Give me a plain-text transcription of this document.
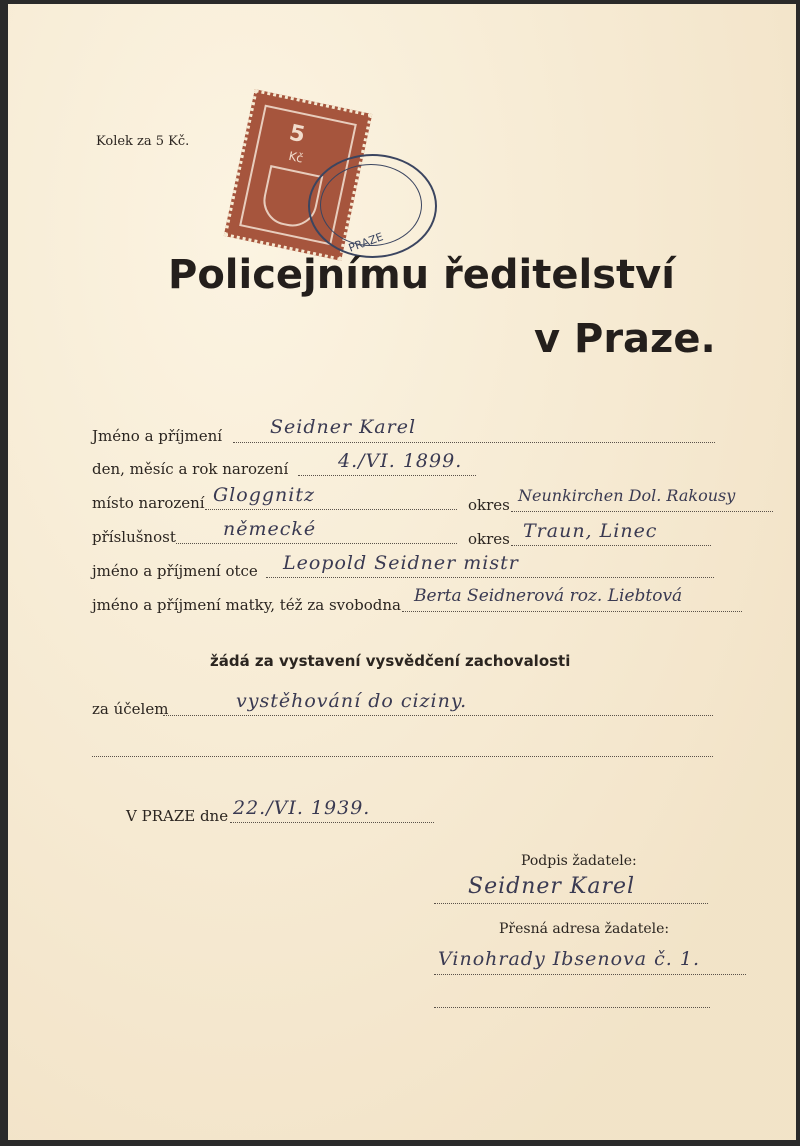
Kolek za 5 Kč.	5
Kč
PRAZE
Policejnímu ředitelství
v Praze.
Jméno a příjmení	Seidner Karel
den, měsíc a rok narození	4./VI. 1899.
místo narození Gloggnitz	okres Neunkirchen Dol. Rakousy
příslušnost německé	okres Traun, Linec
jméno a příjmení otce Leopold Seidner mistr
jméno a příjmení matky, též za svobodna Berta Seidnerová roz. Liebtová
žádá za vystavení vysvědčení zachovalosti
za účelem	vystěhování do ciziny.
V PRAZE dne 22./VI. 1939.
Podpis žadatele:
Seidner Karel
Přesná adresa žadatele:
Vinohrady Ibsenova č. 1.
